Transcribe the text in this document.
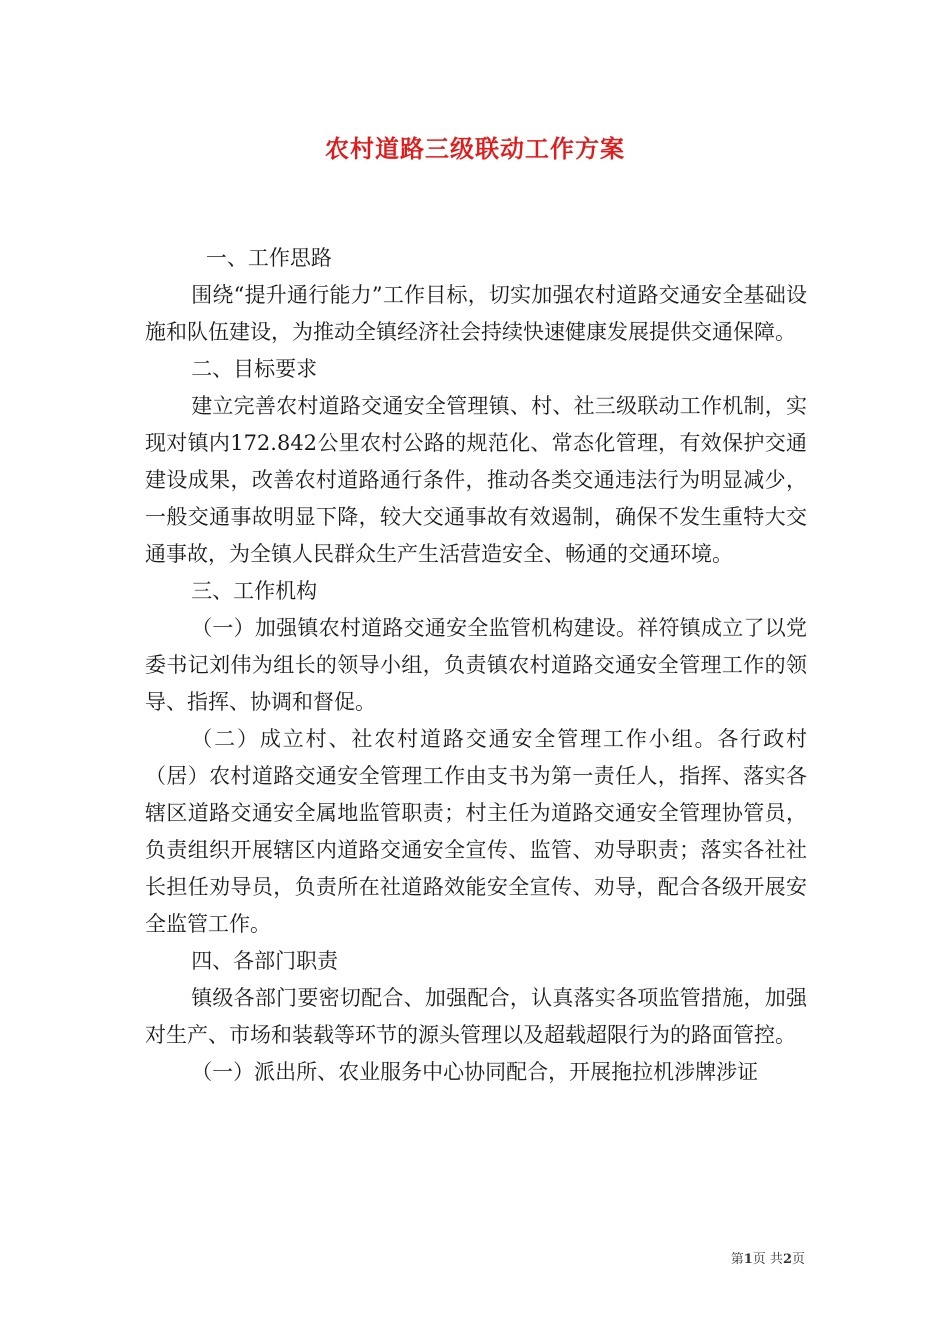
农村道路三级联动工作方案

一、工作思路

围绕“提升通行能力”工作目标，切实加强农村道路交通安全基础设施和队伍建设，为推动全镇经济社会持续快速健康发展提供交通保障。

二、目标要求

建立完善农村道路交通安全管理镇、村、社三级联动工作机制，实现对镇内172.842公里农村公路的规范化、常态化管理，有效保护交通建设成果，改善农村道路通行条件，推动各类交通违法行为明显减少，一般交通事故明显下降，较大交通事故有效遏制，确保不发生重特大交通事故，为全镇人民群众生产生活营造安全、畅通的交通环境。

三、工作机构

（一）加强镇农村道路交通安全监管机构建设。祥符镇成立了以党委书记刘伟为组长的领导小组，负责镇农村道路交通安全管理工作的领导、指挥、协调和督促。

（二）成立村、社农村道路交通安全管理工作小组。各行政村（居）农村道路交通安全管理工作由支书为第一责任人，指挥、落实各辖区道路交通安全属地监管职责；村主任为道路交通安全管理协管员，负责组织开展辖区内道路交通安全宣传、监管、劝导职责；落实各社社长担任劝导员，负责所在社道路效能安全宣传、劝导，配合各级开展安全监管工作。

四、各部门职责

镇级各部门要密切配合、加强配合，认真落实各项监管措施，加强对生产、市场和装载等环节的源头管理以及超载超限行为的路面管控。

（一）派出所、农业服务中心协同配合，开展拖拉机涉牌涉证

第1页 共2页
